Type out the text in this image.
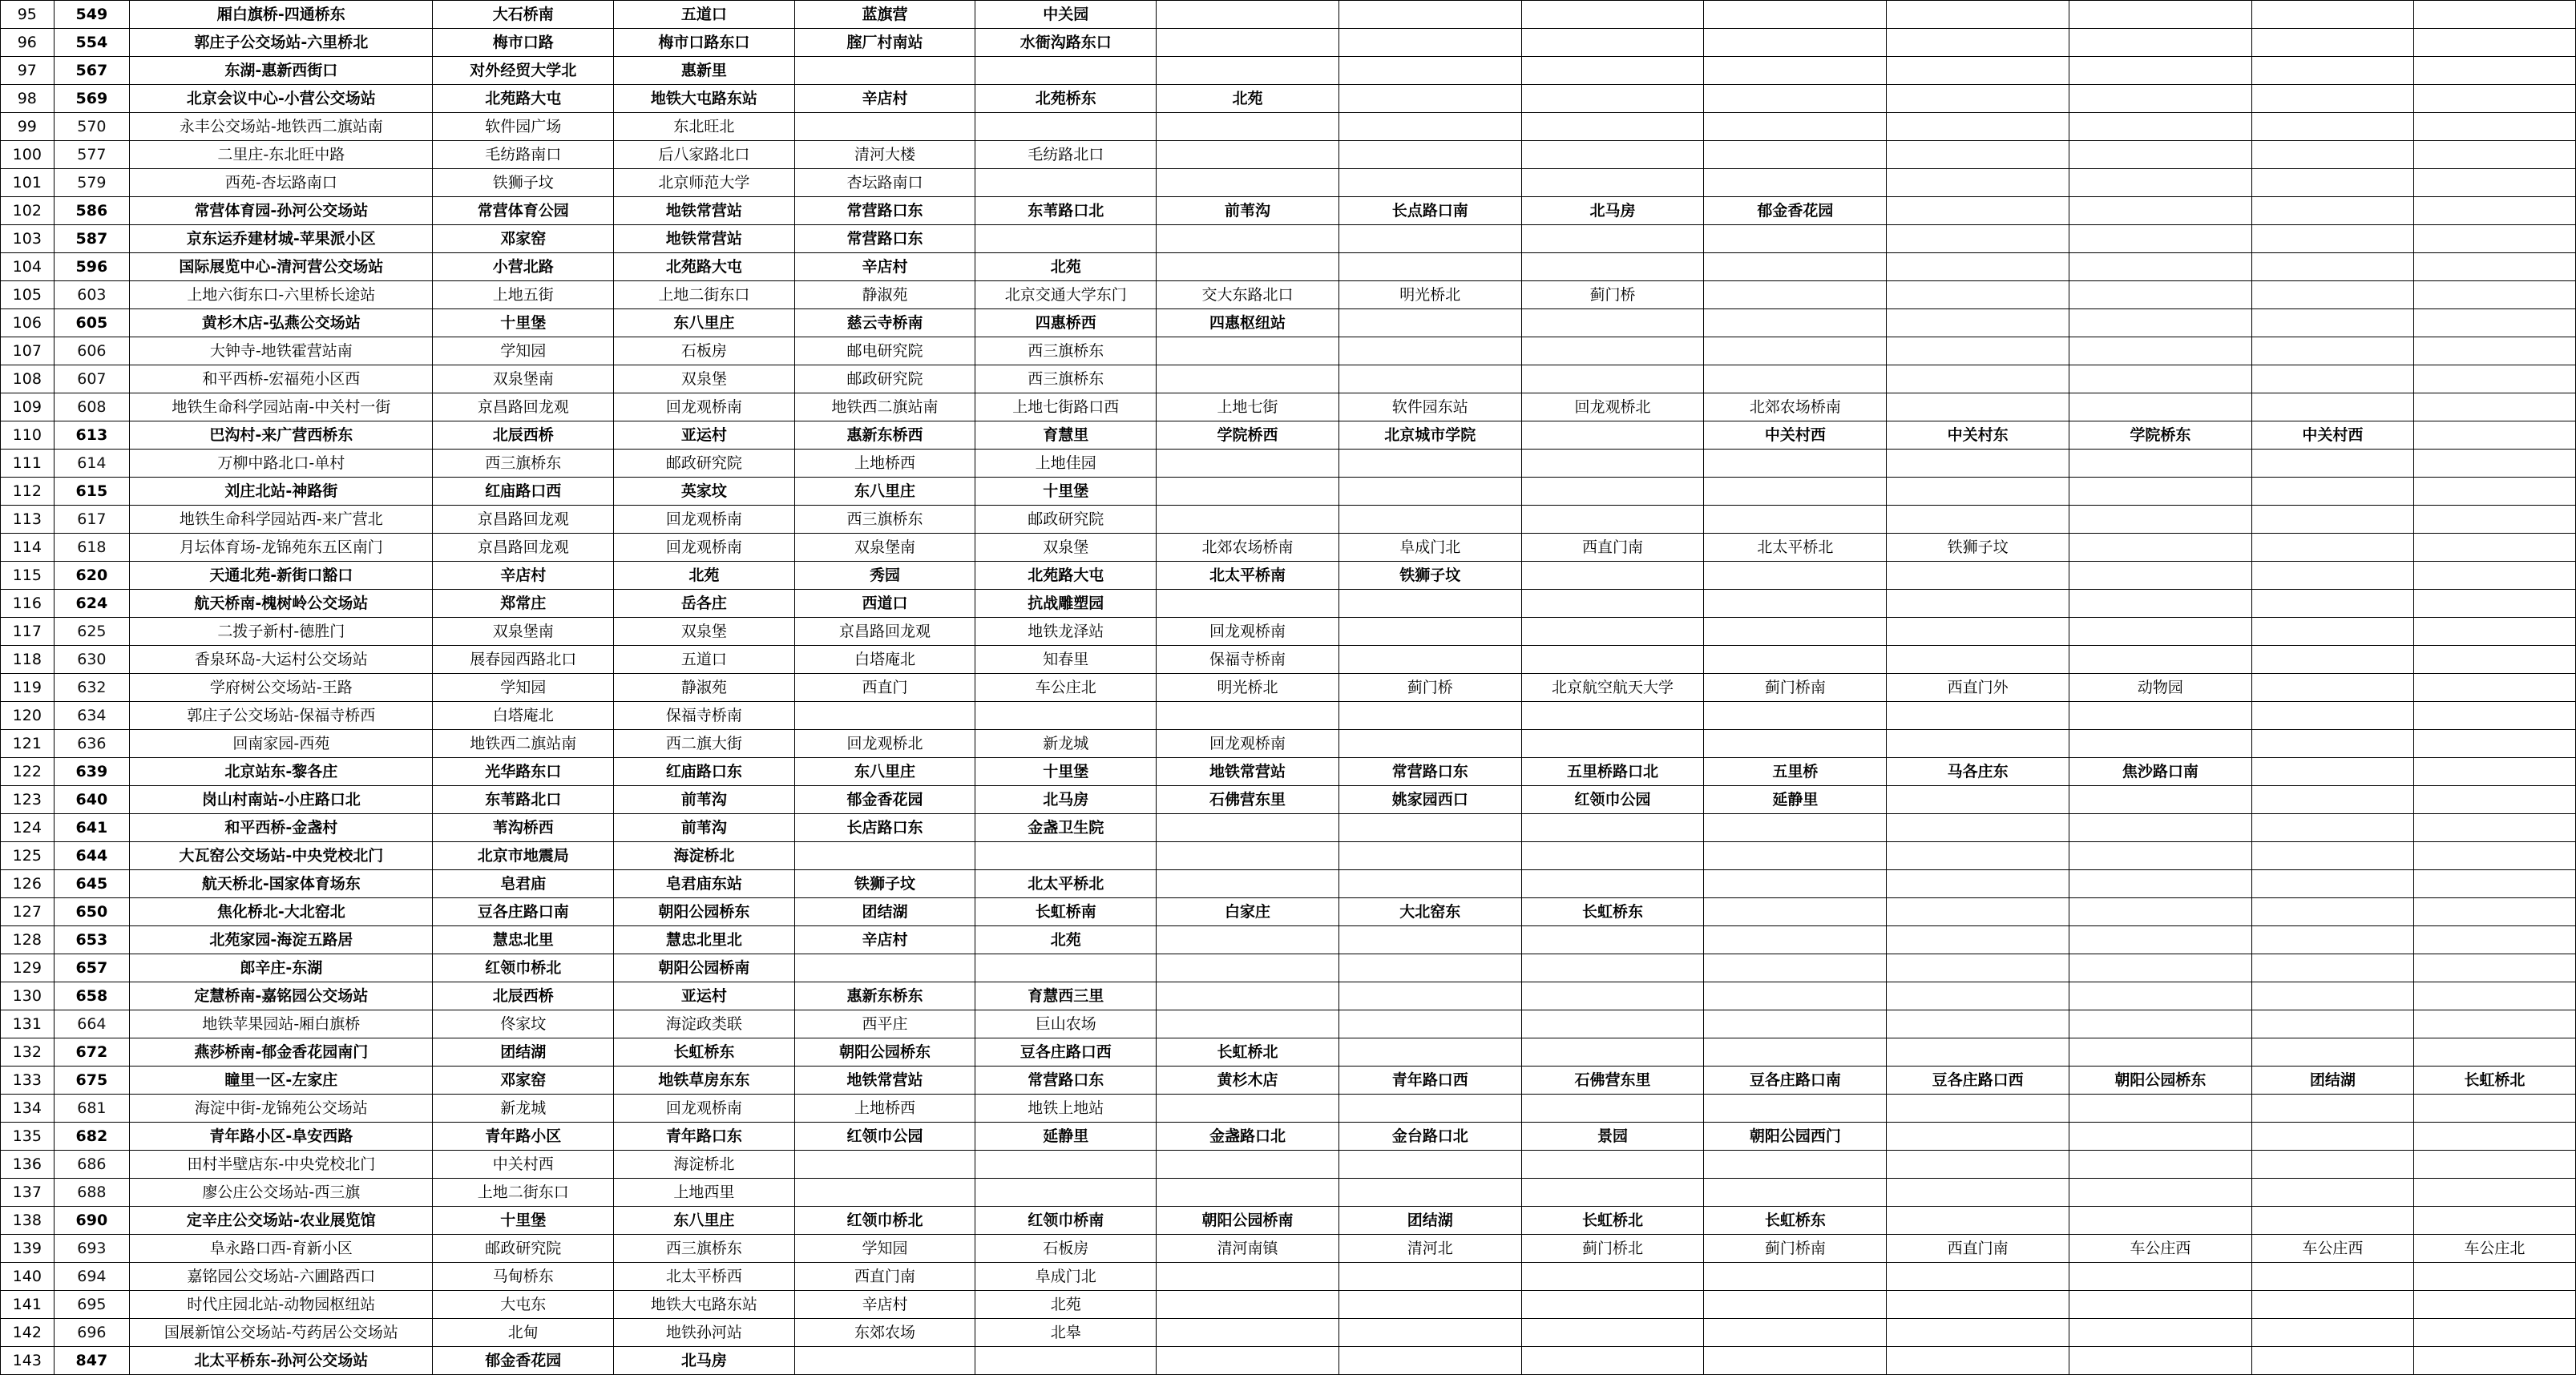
95	549	厢白旗桥-四通桥东	大石桥南	五道口	蓝旗营	中关园								
96	554	郭庄子公交场站-六里桥北	梅市口路	梅市口路东口	腟厂村南站	水衙沟路东口								
97	567	东湖-惠新西街口	对外经贸大学北	惠新里										
98	569	北京会议中心-小营公交场站	北苑路大屯	地铁大屯路东站	辛店村	北苑桥东	北苑							
99	570	永丰公交场站-地铁西二旗站南	软件园广场	东北旺北										
100	577	二里庄-东北旺中路	毛纺路南口	后八家路北口	清河大楼	毛纺路北口								
101	579	西苑-杏坛路南口	铁狮子坟	北京师范大学	杏坛路南口									
102	586	常营体育园-孙河公交场站	常营体育公园	地铁常营站	常营路口东	东苇路口北	前苇沟	长点路口南	北马房	郁金香花园				
103	587	京东运乔建材城-苹果派小区	邓家窑	地铁常营站	常营路口东									
104	596	国际展览中心-清河营公交场站	小营北路	北苑路大屯	辛店村	北苑								
105	603	上地六街东口-六里桥长途站	上地五街	上地二街东口	静淑苑	北京交通大学东门	交大东路北口	明光桥北	蓟门桥					
106	605	黄杉木店-弘燕公交场站	十里堡	东八里庄	慈云寺桥南	四惠桥西	四惠枢纽站							
107	606	大钟寺-地铁霍营站南	学知园	石板房	邮电研究院	西三旗桥东								
108	607	和平西桥-宏福苑小区西	双泉堡南	双泉堡	邮政研究院	西三旗桥东								
109	608	地铁生命科学园站南-中关村一街	京昌路回龙观	回龙观桥南	地铁西二旗站南	上地七街路口西	上地七街	软件园东站	回龙观桥北	北郊农场桥南				
110	613	巴沟村-来广营西桥东	北辰西桥	亚运村	惠新东桥西	育慧里	学院桥西	北京城市学院		中关村西	中关村东	学院桥东	中关村西	
111	614	万柳中路北口-单村	西三旗桥东	邮政研究院	上地桥西	上地佳园								
112	615	刘庄北站-神路街	红庙路口西	英家坟	东八里庄	十里堡								
113	617	地铁生命科学园站西-来广营北	京昌路回龙观	回龙观桥南	西三旗桥东	邮政研究院								
114	618	月坛体育场-龙锦苑东五区南门	京昌路回龙观	回龙观桥南	双泉堡南	双泉堡	北郊农场桥南	阜成门北	西直门南	北太平桥北	铁狮子坟			
115	620	天通北苑-新街口豁口	辛店村	北苑	秀园	北苑路大屯	北太平桥南	铁狮子坟						
116	624	航天桥南-槐树岭公交场站	郑常庄	岳各庄	西道口	抗战雕塑园								
117	625	二拨子新村-德胜门	双泉堡南	双泉堡	京昌路回龙观	地铁龙泽站	回龙观桥南							
118	630	香泉环岛-大运村公交场站	展春园西路北口	五道口	白塔庵北	知春里	保福寺桥南							
119	632	学府树公交场站-王路	学知园	静淑苑	西直门	车公庄北	明光桥北	蓟门桥	北京航空航天大学	蓟门桥南	西直门外	动物园		
120	634	郭庄子公交场站-保福寺桥西	白塔庵北	保福寺桥南										
121	636	回南家园-西苑	地铁西二旗站南	西二旗大街	回龙观桥北	新龙城	回龙观桥南							
122	639	北京站东-黎各庄	光华路东口	红庙路口东	东八里庄	十里堡	地铁常营站	常营路口东	五里桥路口北	五里桥	马各庄东	焦沙路口南		
123	640	岗山村南站-小庄路口北	东苇路北口	前苇沟	郁金香花园	北马房	石佛营东里	姚家园西口	红领巾公园	延静里				
124	641	和平西桥-金盏村	苇沟桥西	前苇沟	长店路口东	金盏卫生院								
125	644	大瓦窑公交场站-中央党校北门	北京市地震局	海淀桥北										
126	645	航天桥北-国家体育场东	皂君庙	皂君庙东站	铁狮子坟	北太平桥北								
127	650	焦化桥北-大北窑北	豆各庄路口南	朝阳公园桥东	团结湖	长虹桥南	白家庄	大北窑东	长虹桥东					
128	653	北苑家园-海淀五路居	慧忠北里	慧忠北里北	辛店村	北苑								
129	657	郎辛庄-东湖	红领巾桥北	朝阳公园桥南										
130	658	定慧桥南-嘉铭园公交场站	北辰西桥	亚运村	惠新东桥东	育慧西三里								
131	664	地铁苹果园站-厢白旗桥	佟家坟	海淀政类联	西平庄	巨山农场								
132	672	燕莎桥南-郁金香花园南门	团结湖	长虹桥东	朝阳公园桥东	豆各庄路口西	长虹桥北							
133	675	瞳里一区-左家庄	邓家窑	地铁草房东东	地铁常营站	常营路口东	黄杉木店	青年路口西	石佛营东里	豆各庄路口南	豆各庄路口西	朝阳公园桥东	团结湖	长虹桥北
134	681	海淀中街-龙锦苑公交场站	新龙城	回龙观桥南	上地桥西	地铁上地站								
135	682	青年路小区-阜安西路	青年路小区	青年路口东	红领巾公园	延静里	金盏路口北	金台路口北	景园	朝阳公园西门				
136	686	田村半壁店东-中央党校北门	中关村西	海淀桥北										
137	688	廖公庄公交场站-西三旗	上地二街东口	上地西里										
138	690	定辛庄公交场站-农业展览馆	十里堡	东八里庄	红领巾桥北	红领巾桥南	朝阳公园桥南	团结湖	长虹桥北	长虹桥东				
139	693	阜永路口西-育新小区	邮政研究院	西三旗桥东	学知园	石板房	清河南镇	清河北	蓟门桥北	蓟门桥南	西直门南	车公庄西	车公庄西	车公庄北
140	694	嘉铭园公交场站-六圃路西口	马甸桥东	北太平桥西	西直门南	阜成门北								
141	695	时代庄园北站-动物园枢纽站	大屯东	地铁大屯路东站	辛店村	北苑								
142	696	国展新馆公交场站-芍药居公交场站	北甸	地铁孙河站	东郊农场	北皋								
143	847	北太平桥东-孙河公交场站	郁金香花园	北马房										
